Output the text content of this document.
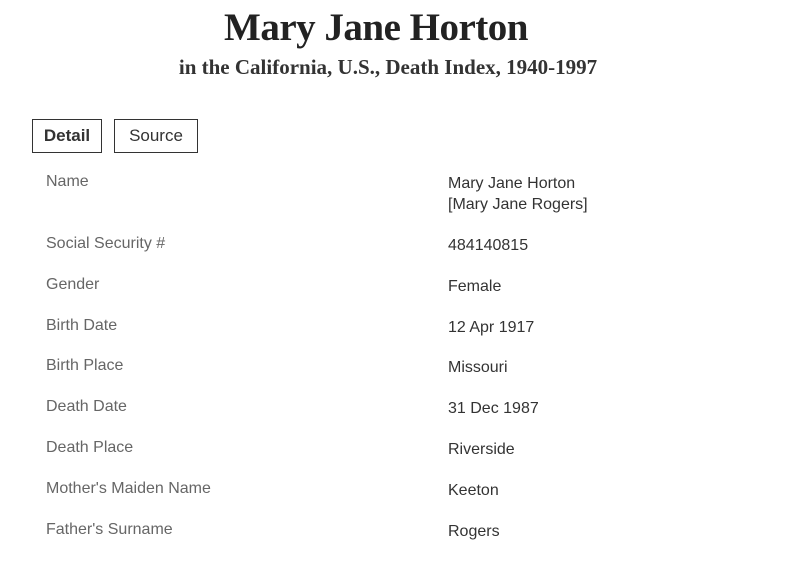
Mary Jane Horton
in the California, U.S., Death Index, 1940-1997
Detail	Source
Name	Mary Jane Horton
[Mary Jane Rogers]
Social Security #	484140815
Gender	Female
Birth Date	12 Apr 1917
Birth Place	Missouri
Death Date	31 Dec 1987
Death Place	Riverside
Mother's Maiden Name	Keeton
Father's Surname	Rogers
